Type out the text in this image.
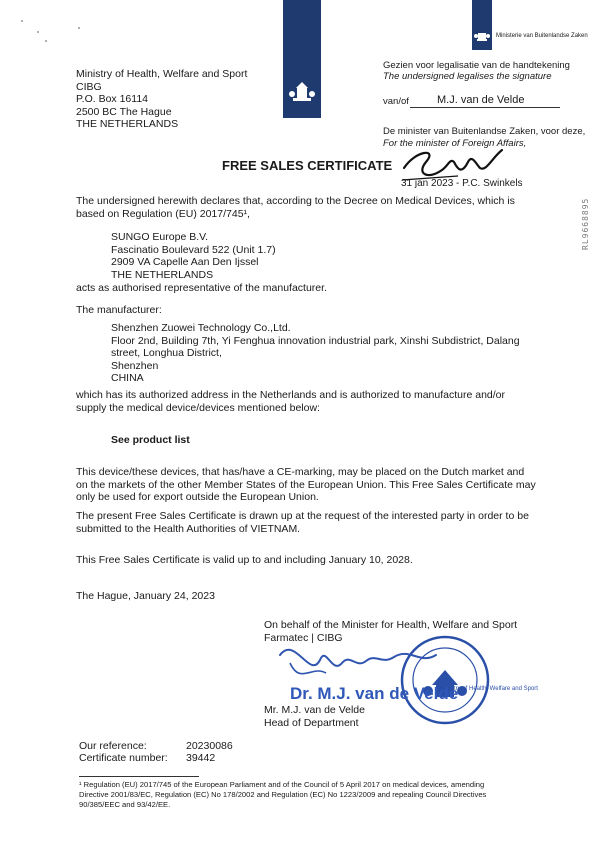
Ministerie van Buitenlandse Zaken
Ministry of Health, Welfare and Sport
CIBG
P.O. Box 16114
2500 BC The Hague
THE NETHERLANDS
Gezien voor legalisatie van de handtekening
The undersigned legalises the signature
van/of	M.J. van de Velde
De minister van Buitenlandse Zaken, voor deze,
For the minister of Foreign Affairs,
31 jan 2023 - P.C. Swinkels
RL9668895
FREE SALES CERTIFICATE
The undersigned herewith declares that, according to the Decree on Medical Devices, which is
based on Regulation (EU) 2017/745¹,
SUNGO Europe B.V.
Fascinatio Boulevard 522 (Unit 1.7)
2909 VA Capelle Aan Den Ijssel
THE NETHERLANDS
acts as authorised representative of the manufacturer.
The manufacturer:
Shenzhen Zuowei Technology Co.,Ltd.
Floor 2nd, Building 7th, Yi Fenghua innovation industrial park, Xinshi Subdistrict, Dalang
street, Longhua District,
Shenzhen
CHINA
which has its authorized address in the Netherlands and is authorized to manufacture and/or
supply the medical device/devices mentioned below:
See product list
This device/these devices, that has/have a CE-marking, may be placed on the Dutch market and
on the markets of the other Member States of the European Union. This Free Sales Certificate may
only be used for export outside the European Union.
The present Free Sales Certificate is drawn up at the request of the interested party in order to be
submitted to the Health Authorities of VIETNAM.
This Free Sales Certificate is valid up to and including January 10, 2028.
The Hague, January 24, 2023
On behalf of the Minister for Health, Welfare and Sport
Farmatec | CIBG
Ministry of Health, Welfare and Sport
Dr. M.J. van de Velde
Mr. M.J. van de Velde
Head of Department
Our reference:	20230086
Certificate number: 39442
¹ Regulation (EU) 2017/745 of the European Parliament and of the Council of 5 April 2017 on medical devices, amending
Directive 2001/83/EC, Regulation (EC) No 178/2002 and Regulation (EC) No 1223/2009 and repealing Council Directives
90/385/EEC and 93/42/EE.
